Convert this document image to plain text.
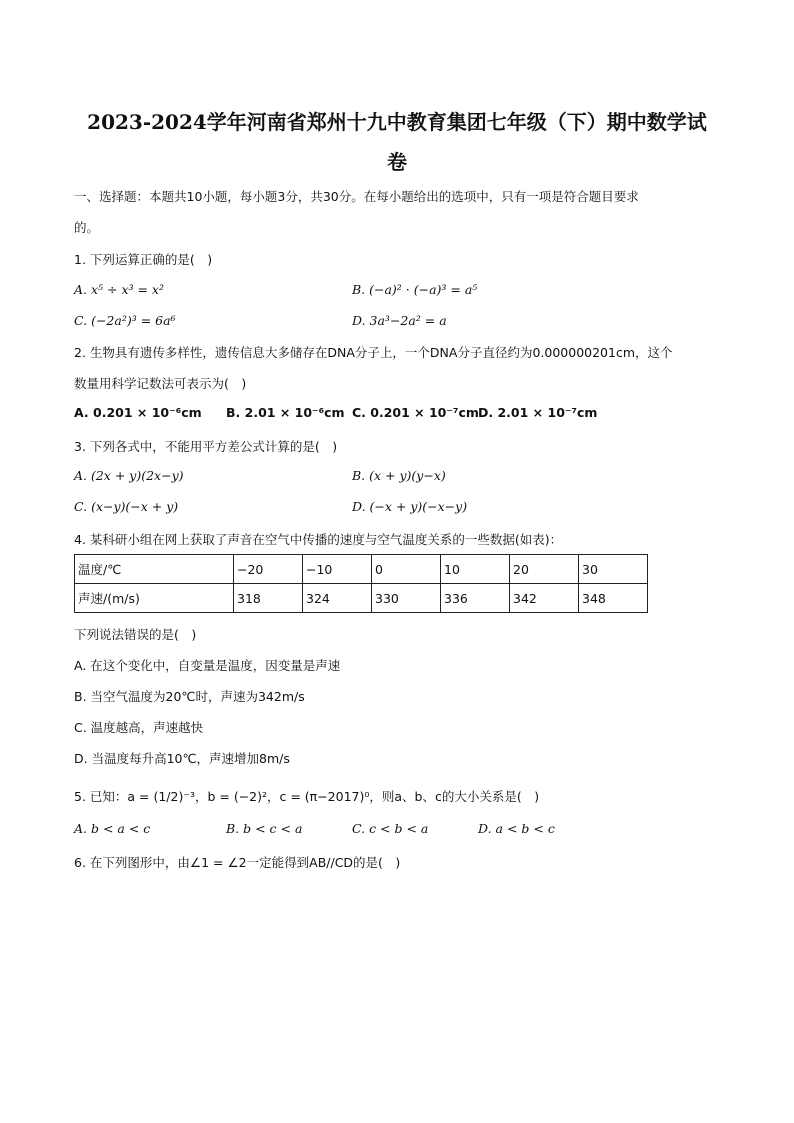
2023-2024学年河南省郑州十九中教育集团七年级（下）期中数学试
卷
一、选择题：本题共10小题，每小题3分，共30分。在每小题给出的选项中，只有一项是符合题目要求
的。
1. 下列运算正确的是(　)
A. x⁵ ÷ x³ = x²	B. (−a)² · (−a)³ = a⁵
C. (−2a²)³ = 6a⁶	D. 3a³−2a² = a
2. 生物具有遗传多样性，遗传信息大多储存在DNA分子上，一个DNA分子直径约为0.000000201cm，这个
数量用科学记数法可表示为(　)
A. 0.201 × 10⁻⁶cm B. 2.01 × 10⁻⁶cm C. 0.201 × 10⁻⁷cm D. 2.01 × 10⁻⁷cm
3. 下列各式中，不能用平方差公式计算的是(　)
A. (2x + y)(2x−y)	B. (x + y)(y−x)
C. (x−y)(−x + y)	D. (−x + y)(−x−y)
4. 某科研小组在网上获取了声音在空气中传播的速度与空气温度关系的一些数据(如表)：
温度/℃	−20	−10	0	10	20	30
声速/(m/s)	318	324	330	336	342	348
下列说法错误的是(　)
A. 在这个变化中，自变量是温度，因变量是声速
B. 当空气温度为20℃时，声速为342m/s
C. 温度越高，声速越快
D. 当温度每升高10℃，声速增加8m/s
5. 已知：a = (1/2)⁻³，b = (−2)²，c = (π−2017)⁰，则a、b、c的大小关系是(　)
A. b < a < c	B. b < c < a	C. c < b < a	D. a < b < c
6. 在下列图形中，由∠1 = ∠2一定能得到AB//CD的是(　)
